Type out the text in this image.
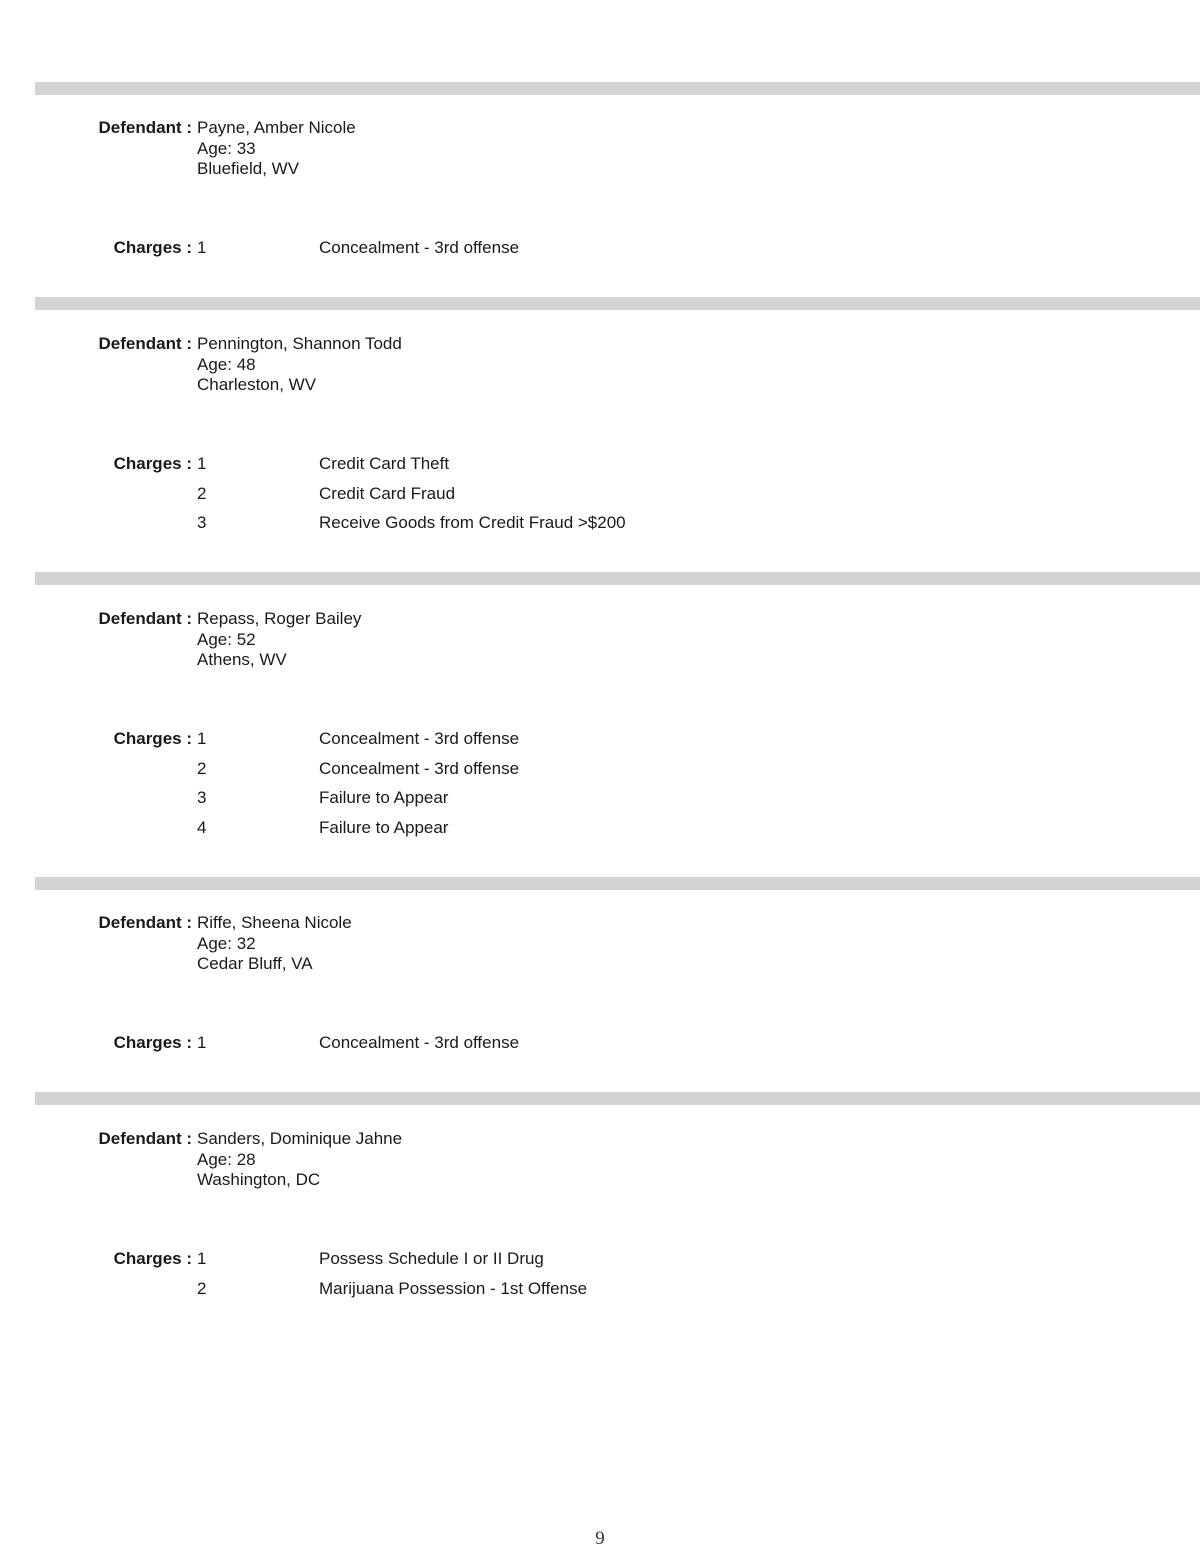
Defendant : Payne, Amber Nicole
Age: 33
Bluefield, WV
Charges : 1	Concealment - 3rd offense
Defendant : Pennington, Shannon Todd
Age: 48
Charleston, WV
Charges : 1	Credit Card Theft
2	Credit Card Fraud
3	Receive Goods from Credit Fraud >$200
Defendant : Repass, Roger Bailey
Age: 52
Athens, WV
Charges : 1	Concealment - 3rd offense
2	Concealment - 3rd offense
3	Failure to Appear
4	Failure to Appear
Defendant : Riffe, Sheena Nicole
Age: 32
Cedar Bluff, VA
Charges : 1	Concealment - 3rd offense
Defendant : Sanders, Dominique Jahne
Age: 28
Washington, DC
Charges : 1	Possess Schedule I or II Drug
2	Marijuana Possession - 1st Offense
9
